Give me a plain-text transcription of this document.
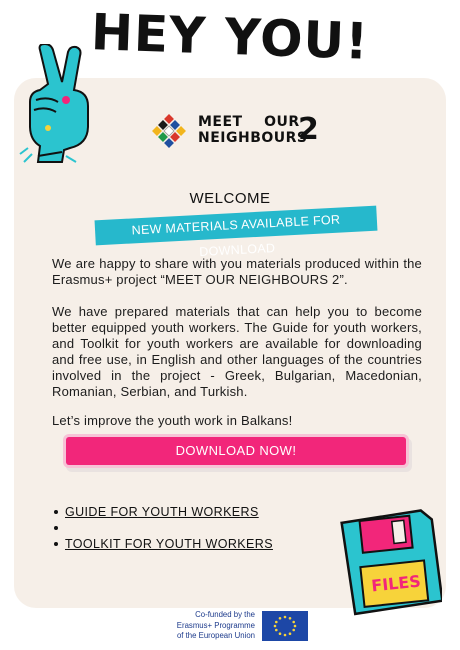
HEY YOU!
MEET    OUR
NEIGHBOURS
2
WELCOME
NEW MATERIALS AVAILABLE FOR DOWNLOAD

We are happy to share with you materials produced within the Erasmus+ project “MEET OUR NEIGHBOURS 2”.

We have prepared materials that can help you to become better equipped youth workers. The Guide for youth workers, and Toolkit for youth workers are available for downloading and free use, in English and other languages of the countries involved in the project - Greek, Bulgarian, Macedonian, Romanian, Serbian, and Turkish.

Let’s improve the youth work in Balkans!

DOWNLOAD NOW!
GUIDE FOR YOUTH WORKERS
TOOLKIT FOR YOUTH WORKERS
FILES
Co-funded by the
Erasmus+ Programme
of the European Union
